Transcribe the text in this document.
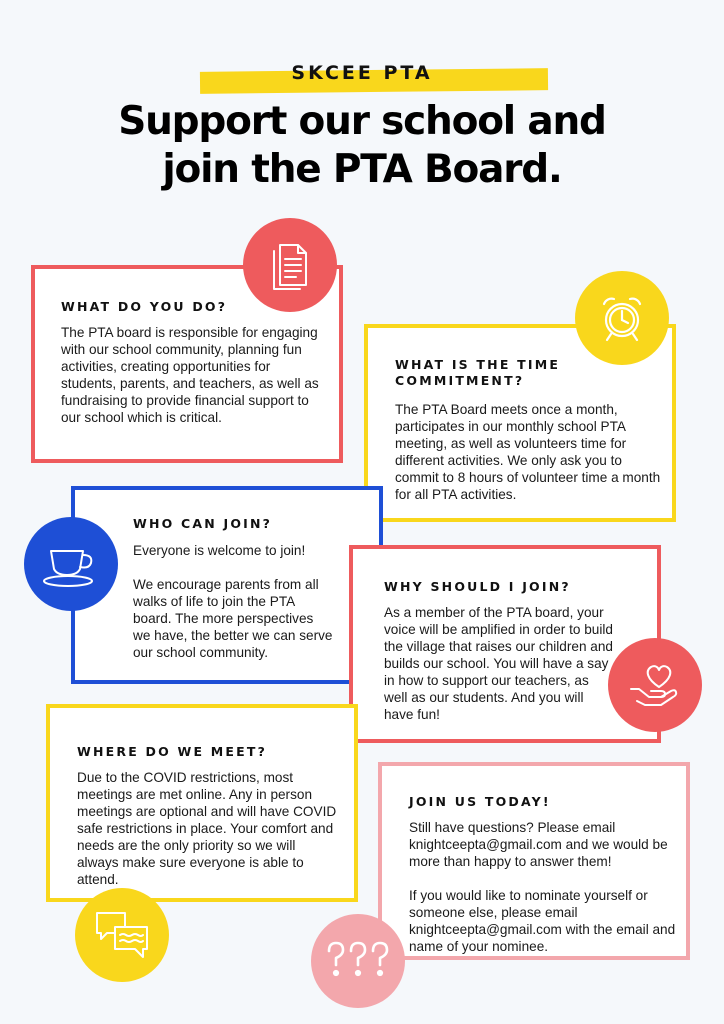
SKCEE PTA
Support our school and
join the PTA Board.
WHAT DO YOU DO?
The PTA board is responsible for engaging with our school community, planning fun activities, creating opportunities for students, parents, and teachers, as well as fundraising to provide financial support to our school which is critical.
WHAT IS THE TIME COMMITMENT?
The PTA Board meets once a month, participates in our monthly school PTA meeting, as well as volunteers time for different activities. We only ask you to commit to 8 hours of volunteer time a month for all PTA activities.
WHO CAN JOIN?

Everyone is welcome to join!

We encourage parents from all walks of life to join the PTA board. The more perspectives we have, the better we can serve our school community.

WHY SHOULD I JOIN?
As a member of the PTA board, your voice will be amplified in order to build the village that raises our children and builds our school. You will have a say in how to support our teachers, as well as our students. And you will have fun!
WHERE DO WE MEET?
Due to the COVID restrictions, most meetings are met online. Any in person meetings are optional and will have COVID safe restrictions in place. Your comfort and needs are the only priority so we will always make sure everyone is able to attend.
JOIN US TODAY!

Still have questions? Please email knightceepta@gmail.com and we would be more than happy to answer them!

If you would like to nominate yourself or someone else, please email knightceepta@gmail.com with the email and name of your nominee.
